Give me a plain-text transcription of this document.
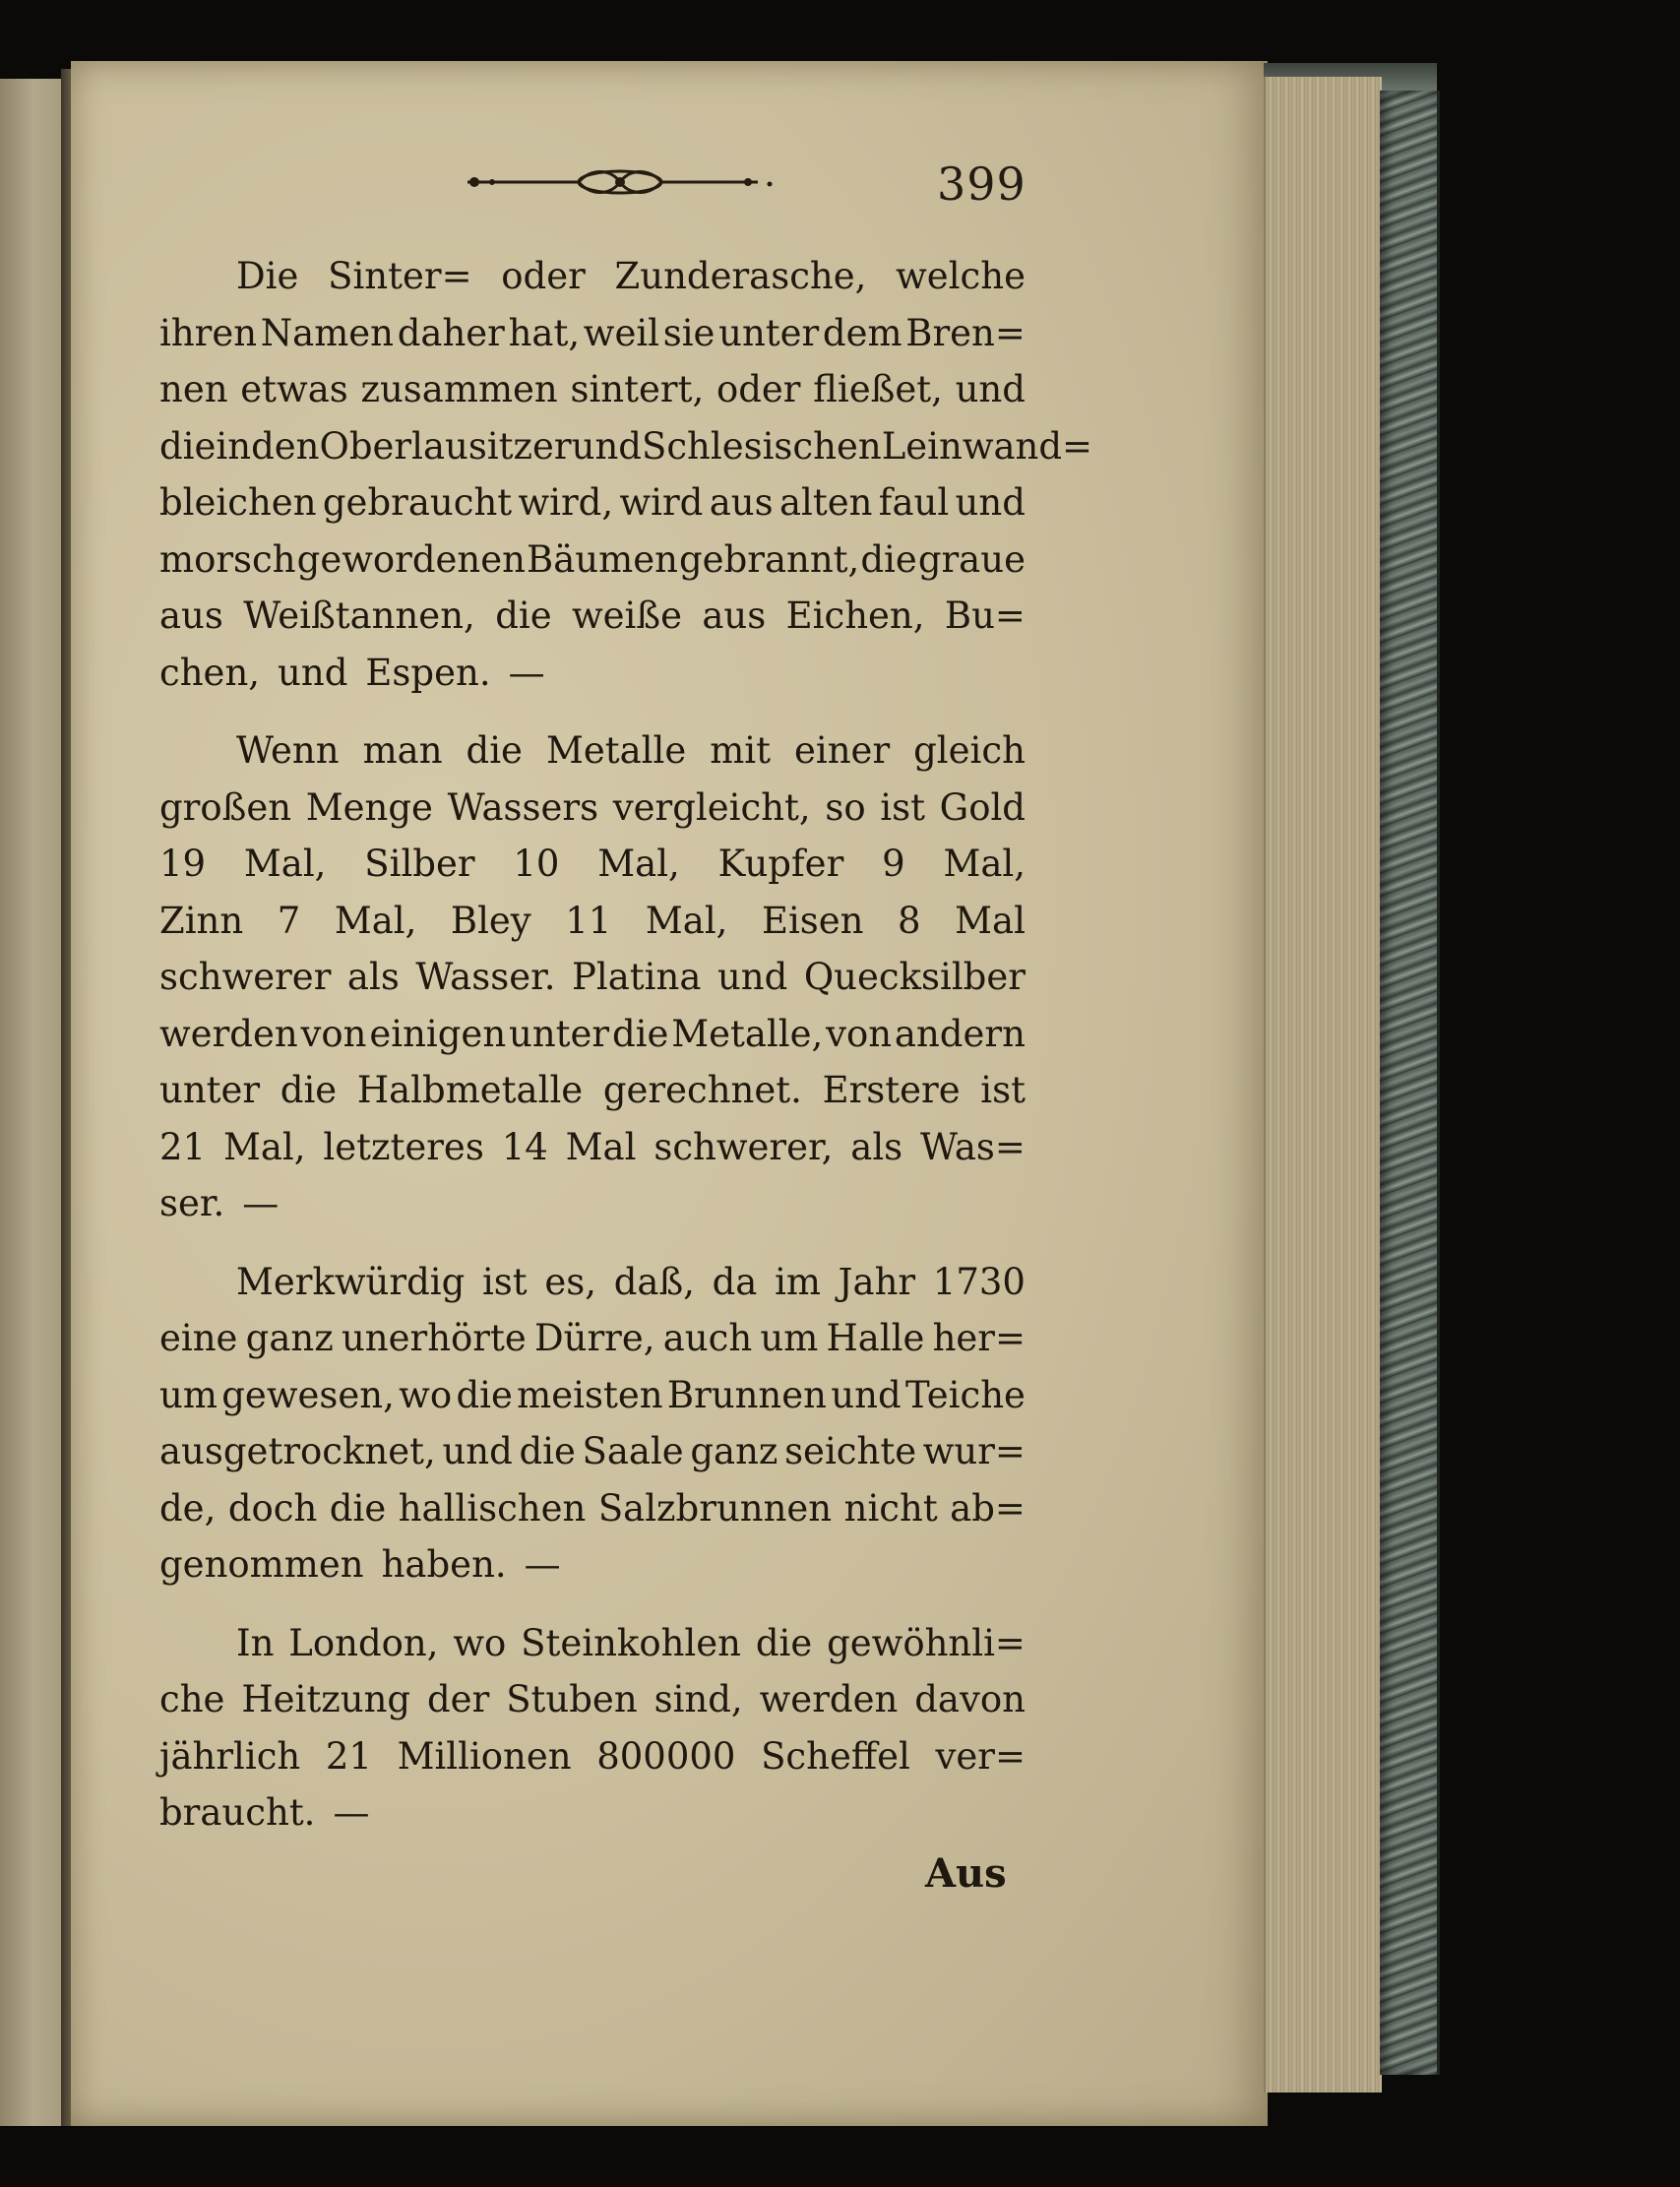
399
Die Sinter= oder Zunderasche, welche
ihren Namen daher hat, weil sie unter dem Bren=
nen etwas zusammen sintert, oder fließet, und
die in den Oberlausitzer und Schlesischen Leinwand=
bleichen gebraucht wird, wird aus alten faul und
morsch gewordenen Bäumen gebrannt, die graue
aus Weißtannen, die weiße aus Eichen, Bu=
chen, und Espen. —
Wenn man die Metalle mit einer gleich
großen Menge Wassers vergleicht, so ist Gold
19 Mal, Silber 10 Mal, Kupfer 9 Mal,
Zinn 7 Mal, Bley 11 Mal, Eisen 8 Mal
schwerer als Wasser. Platina und Quecksilber
werden von einigen unter die Metalle, von andern
unter die Halbmetalle gerechnet. Erstere ist
21 Mal, letzteres 14 Mal schwerer, als Was=
ser. —
Merkwürdig ist es, daß, da im Jahr 1730
eine ganz unerhörte Dürre, auch um Halle her=
um gewesen, wo die meisten Brunnen und Teiche
ausgetrocknet, und die Saale ganz seichte wur=
de, doch die hallischen Salzbrunnen nicht ab=
genommen haben. —
In London, wo Steinkohlen die gewöhnli=
che Heitzung der Stuben sind, werden davon
jährlich 21 Millionen 800000 Scheffel ver=
braucht. —
Aus
